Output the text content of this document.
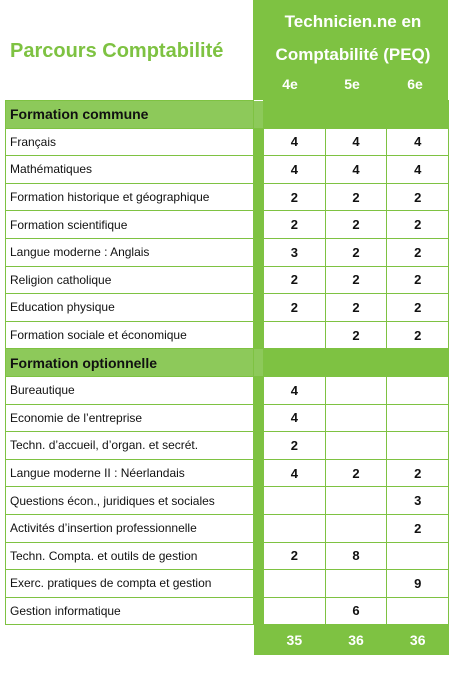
Parcours Comptabilité
Technicien.ne en
Comptabilité (PEQ)
4e	5e	6e
Formation commune				
Français		4	4	4
Mathématiques		4	4	4
Formation historique et géographique		2	2	2
Formation scientifique		2	2	2
Langue moderne : Anglais		3	2	2
Religion catholique		2	2	2
Education physique		2	2	2
Formation sociale et économique			2	2
Formation optionnelle				
Bureautique		4		
Economie de l’entreprise		4		
Techn. d’accueil, d’organ. et secrét.		2		
Langue moderne II : Néerlandais		4	2	2
Questions écon., juridiques et sociales				3
Activités d’insertion professionnelle				2
Techn. Compta. et outils de gestion		2	8	
Exerc. pratiques de compta et gestion				9
Gestion informatique			6	
		35	36	36
